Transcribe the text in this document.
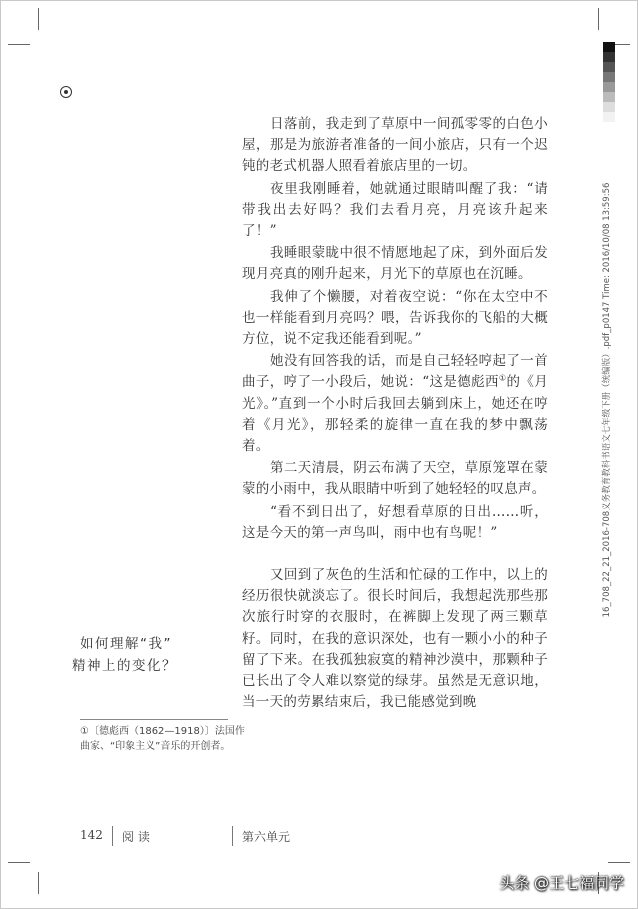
日落前，我走到了草原中一间孤零零的白色小屋，那是为旅游者准备的一间小旅店，只有一个迟钝的老式机器人照看着旅店里的一切。

夜里我刚睡着，她就通过眼睛叫醒了我：“请带我出去好吗？我们去看月亮，月亮该升起来了！”

我睡眼蒙眬中很不情愿地起了床，到外面后发现月亮真的刚升起来，月光下的草原也在沉睡。

我伸了个懒腰，对着夜空说：“你在太空中不也一样能看到月亮吗？喂，告诉我你的飞船的大概方位，说不定我还能看到呢。”

她没有回答我的话，而是自己轻轻哼起了一首曲子，哼了一小段后，她说：“这是德彪西①的《月光》。”直到一个小时后我回去躺到床上，她还在哼着《月光》，那轻柔的旋律一直在我的梦中飘荡着。

第二天清晨，阴云布满了天空，草原笼罩在蒙蒙的小雨中，我从眼睛中听到了她轻轻的叹息声。

“看不到日出了，好想看草原的日出……听，这是今天的第一声鸟叫，雨中也有鸟呢！”

又回到了灰色的生活和忙碌的工作中，以上的经历很快就淡忘了。很长时间后，我想起洗那些那次旅行时穿的衣服时，在裤脚上发现了两三颗草籽。同时，在我的意识深处，也有一颗小小的种子留了下来。在我孤独寂寞的精神沙漠中，那颗种子已长出了令人难以察觉的绿芽。虽然是无意识地，当一天的劳累结束后，我已能感觉到晚

如何理解“我”
精神上的变化？
①〔德彪西（1862—1918）〕法国作曲家、“印象主义”音乐的开创者。
142 阅 读	第六单元
16_708_22_21_2016-708义务教育教科书语文七年级下册（统编版）.pdf_p0147 Time: 2016/10/08 13:59:56
头条 @王七褔同学
